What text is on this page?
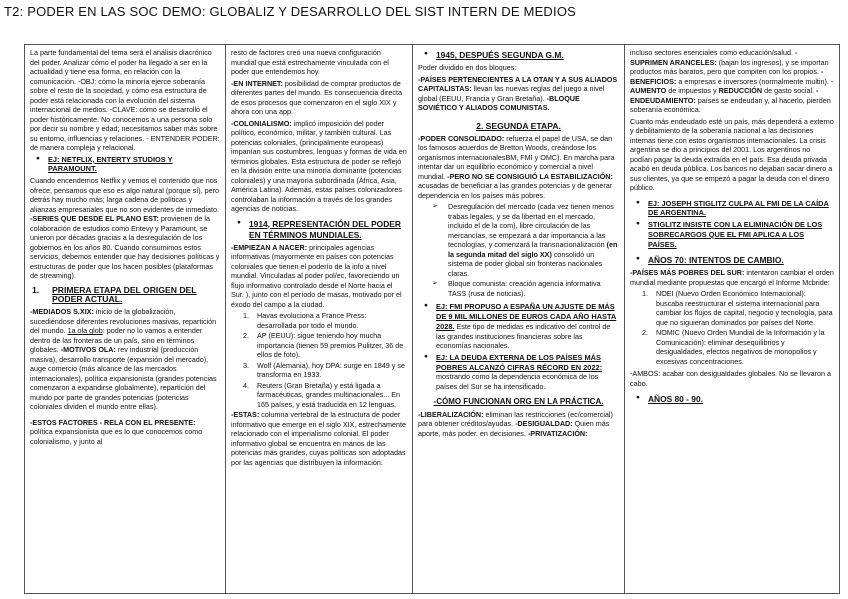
T2: PODER EN LAS SOC DEMO: GLOBALIZ Y DESARROLLO DEL SIST INTERN DE MEDIOS

La parte fundamental del tema será el análisis diacrónico del poder. Analizar cómo el poder ha llegado a ser en la actualidad y tiene esa forma, en relación con la comunicación. -OBJ: cómo la minoría ejerce soberanía sobre el resto de la sociedad, y cómo esa estructura de poder está relacionada con la evolución del sistema internacional de medios. -CLAVE: cómo se desarrolló el poder históricamente. No conocemos a una persona solo por decir su nombre y edad; necesitamos saber más sobre su entorno, influencias y relaciones. - ENTENDER PODER: de manera compleja y relacional.

● EJ: NETFLIX, ENTERTY STUDIOS Y PARAMOUNT.

Cuando encendemos Netflix y vemos el contenido que nos ofrece, pensamos que eso es algo natural (porque sí), pero detrás hay mucho más; larga cadena de políticas y alianzas empresariales que no son evidentes de inmediato. -SERIES QUE DESDE EL PLANO EST: provienen de la colaboración de estudios como Entevy y Paramount, se unieron por décadas gracias a la desregulación de los gobiernos en los años 80. Cuando consumimos estos servicios, debemos entender que hay decisiones políticas y estructuras de poder que los hacen posibles (plataformas de streaming).

1. PRIMERA ETAPA DEL ORIGEN DEL PODER ACTUAL.

-MEDIADOS S.XIX: inicio de la globalización, sucediéndose diferentes revoluciones masivas, repartición del mundo. 1a ola glob: poder no lo vamos a entender dentro de las fronteras de un país, sino en términos globales. -MOTIVOS OLA: rev industrial (producción masiva), desarrollo transporte (expansión del mercado), auge comercio (más alcance de las mercados internacionales), política expansionista (grandes potencias comenzaron a expandirse globalmente), repartición del mundo por parte de grandes potencias (potencias coloniales dividen el mundo entre ellas).

-ESTOS FACTORES - RELA CON EL PRESENTE: política expansionista que es lo que conocemos como colonialismo, y junto al

resto de factores creó una nueva configuración mundial que está estrechamente vinculada con el poder que entendemos hoy.

-EN INTERNET: posibilidad de comprar productos de diferentes partes del mundo. Es consecuencia directa de esos procesos que comenzaron en el siglo XIX y ahora con una app.

-COLONIALISMO: implicó imposición del poder político, económico, militar, y también cultural. Las potencias coloniales, (principalmente europeas) impanían sus costumbres, lenguas y formas de vida en términos globales. Esta estructura de poder se reflejó en la división entre una minoría dominante (potencias coloniales) y una mayoría subordinada (África, Asia, América Latina). Además, estas países colonizadores controlaban la información a través de los grandes agencias de noticias.

● 1914, REPRESENTACIÓN DEL PODER EN TÉRMINOS MUNDIALES.

-EMPIEZAN A NACER: principales agencias informativas (mayormente en países con potencias coloniales que tienen el poderío de la info a nivel mundial. Vinculadas al poder pol/ec, favoreciendo un flujo informativo controlado desde el Norte hacia el Sur. ), junto con el período de masas, motivado por el éxodo del campo a la ciudad.

1. Havas evoluciona a France Press: desarrollada por todo el mundo.
2. AP (EEUU): sigue teniendo hoy mucha importancia (tienen 59 premios Pulitzer, 36 de ellos de foto).
3. Wolf (Alemania), hoy DPA: surge en 1849 y se transforma en 1933.
4. Reuters (Gran Bretaña) y está ligada a farmacéuticas, grandes multinacionales... En 165 países, y está traducida en 12 lenguas.

-ESTAS: columna vertebral de la estructura de poder informativo que emerge en el siglo XIX, estrechamente relacionado con el imperialismo colonial. El poder informativo global se encuentra en manos de las potencias más grandes, cuyas políticas son adoptadas por las agencias que distribuyen la información.

● 1945, DESPUÉS SEGUNDA G.M.

Poder dividido en dos bloques:

-PAÍSES PERTENECIENTES A LA OTAN Y A SUS ALIADOS CAPITALISTAS: llevan las nuevas reglas del juego a nivel global (EEUU, Francia y Gran Bretaña). -BLOQUE SOVIÉTICO Y ALIADOS COMUNISTAS.

2. SEGUNDA ETAPA.

-PODER CONSOLIDADO: refuerza el papel de USA, se dan los famosos acuerdos de Bretton Woods, creándose los organismos internacionalesBM, FMI y OMC). En marcha para intentar dar un equilibrio económico y comercial a nivel mundial. -PERO NO SE CONSIGUIÓ LA ESTABILIZACIÓN: acusadas de beneficiar a las grandes potencias y de generar dependencia en los países más pobres.

➢ Desregulación del mercado (cada vez tienen menos trabas legales, y se da libertad en el mercado, incluido el de la com), libre circulación de las mercancías, se empezará a dar importancia a las tecnologías, y comenzará la transnacionalización (en la segunda mitad del siglo XX) consolidó un sistema de poder global sin fronteras nacionales claras.
➢ Bloque comunista: creación agencia informativa TASS (rusa de noticias).
● EJ: FMI PROPUSO A ESPAÑA UN AJUSTE DE MÁS DE 9 MIL MILLONES DE EUROS CADA AÑO HASTA 2028. Este tipo de medidas es indicativo del control de las grandes instituciones financieras sobre las economías nacionales.
● EJ: LA DEUDA EXTERNA DE LOS PAÍSES MÁS POBRES ALCANZÓ CIFRAS RÉCORD EN 2022: mostrando como la dependencia económica de los países del Sur se ha intensificado.
-CÓMO FUNCIONAN ORG EN LA PRÁCTICA.

-LIBERALIZACIÓN: eliminan las restricciones (ec/comercial) para obtener créditos/ayudas. -DESIGUALDAD: Quien más aporte, más poder. en decisiones. -PRIVATIZACIÓN:

incluso sectores esenciales como educación/salud. -SUPRIMEN ARANCELES: (bajan los ingresos), y se importan productos más baratos, pero que compiten con los propios. -BENEFICIOS: a empresas e inversores (normalmente multin). - AUMENTO de impuestos y REDUCCIÓN de gasto social. -ENDEUDAMIENTO: países se endeudan y, al hacerlo, pierden soberanía económica.

Cuanto más endeudado esté un país, más dependerá a externo y debilitamiento de la soberanía nacional a las decisiones internas tiene con estos organismos internacionales. La crisis argentina se dio a principios del 2001. Los argentinos no podían pagar la deuda extraída en el país. Esa deuda privada acabó en deuda pública. Los bancos no dejaban sacar dinero a sus clientes, ya que se empezó a pagar la deuda con el dinero público.

● EJ: JOSEPH STIGLITZ CULPA AL FMI DE LA CAÍDA DE ARGENTINA.
● STIGLITZ INSISTE CON LA ELIMINACIÓN DE LOS SOBRECARGOS QUE EL FMI APLICA A LOS PAÍSES.
● AÑOS 70: INTENTOS DE CAMBIO.

-PAÍSES MÁS POBRES DEL SUR: intentaron cambiar el orden mundial mediante propuestas que encargó el Informe Mcbride:

1. NOEI (Nuevo Orden Económico Internacional): buscaba reestructurar el sistema internacional para cambiar los flujos de capital, negocio y tecnología, para que no siguieran dominados por países del Norte.
2. NOMIC (Nuevo Orden Mundial de la Información y la Comunicación): eliminar desequilibrios y desigualdades, efectos negativos de monopolios y excesivas concentraciones.

-AMBOS: acabar con desigualdades globales. No se llevaron a cabo.

● AÑOS 80 - 90.
